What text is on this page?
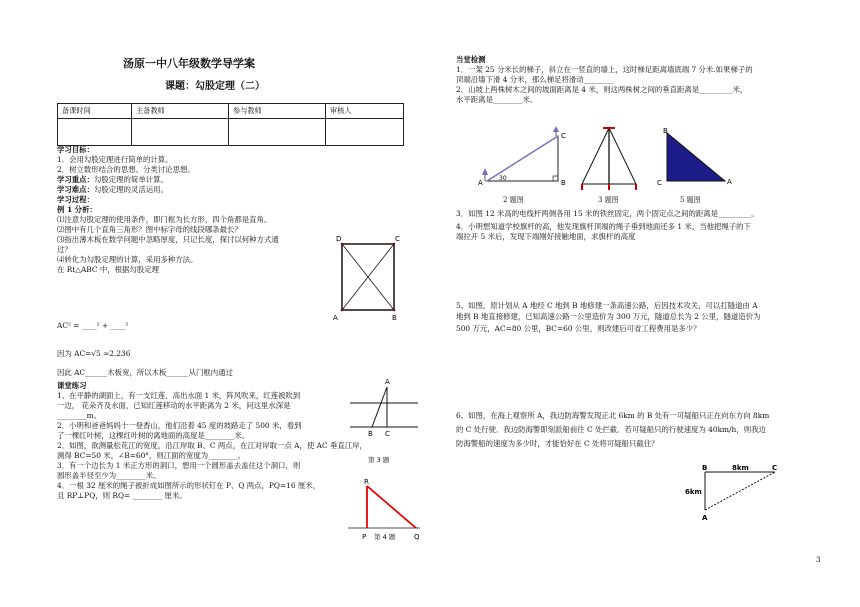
汤原一中八年级数学导学案
课题：勾股定理（二）
备课时间	主备教师	参与教师	审核人

学习目标：
1．会用勾股定理进行简单的计算。
2．树立数形结合的思想、分类讨论思想。
学习重点：勾股定理的简单计算。
学习难点：勾股定理的灵活运用。
学习过程：
例 1 分析：
⑴注意勾股定理的使用条件，即门框为长方形，四个角都是直角。
⑵图中有几个直角三角形？图中标字母的线段哪条最长？
⑶指出薄木板在数学问题中忽略厚度，只记长度，探讨以何种方式通
过？
⑷转化为勾股定理的计算，采用多种方法。
在 Rt△ABC 中，根据勾股定理
AC² = ____² + ____²
因为 AC=√5 ≈2.236
因此 AC______木板宽，所以木板______从门框内通过
课堂练习
1、在平静的湖面上，有一支红莲，高出水面 1 米，阵风吹来，红莲被吹到
一边， 花朵齐及水面，已知红莲移动的水平距离为 2 米，问这里水深是
________m。
2．小明和爸爸妈妈十一登香山，他们沿着 45 度的坡路走了 500 米，看到
了一棵红叶树，这棵红叶树的离地面的高度是________米。
2．如图，欲测量松花江的宽度，沿江岸取 B、C 两点，在江对岸取一点 A，使 AC 垂直江岸，
测得 BC=50 米，∠B=60°，则江面的宽度为________。
3．有一个边长为 1 米正方形的洞口，想用一个圆形盖去盖住这个洞口，则
圆形盖半径至少为________米。
4．一根 32 厘米的绳子被折成如图所示的形状钉在 P、Q 两点，PQ=16 厘米，
且 RP⊥PQ，则 RQ= ________ 厘米。
D	C
A	B
A
B C
第 3 题
R
P	Q
第 4 题
当堂检测
1．一架 25 分米长的梯子，斜立在一竖直的墙上，这时梯足距离墙底端 7 分米.如果梯子的
顶端沿墙下滑 4 分米，那么梯足将滑动________
2．山坡上两株树木之间的坡面距离是 4 米，则这两株树之间的垂直距离是_________米，
水平距离是________米。
C
A	B
30
B
C	A
2 题图	3 题图	5 题图
3．如图 12 米高的电线杆两侧各用 15 米的铁丝固定，两个固定点之间的距离是_________。
4．小明想知道学校旗杆的高，他发现旗杆顶端的绳子垂到地面还多 1 米，当他把绳子的下
端拉开 5 米后，发现下端刚好接触地面，求旗杆的高度
5、如图，原计划从 A 地经 C 地到 B 地修建一条高速公路，后因技术攻关，可以打隧道由 A
地到 B 地直接修建，已知高速公路一公里造价为 300 万元，隧道总长为 2 公里，隧道造价为
500 万元，AC=80 公里，BC=60 公里，则改建后可省工程费用是多少？
6、如图，在海上观察所 A，我边防海警发现正北 6km 的 B 处有一可疑船只正在向东方向 8km
的 C 处行驶．我边防海警即刻派船前往 C 处拦截．若可疑船只的行驶速度为 40km/h，则我边
防海警船的速度为多少时，才能恰好在 C 处将可疑船只截住？
B	8km	C
6km
A
3
